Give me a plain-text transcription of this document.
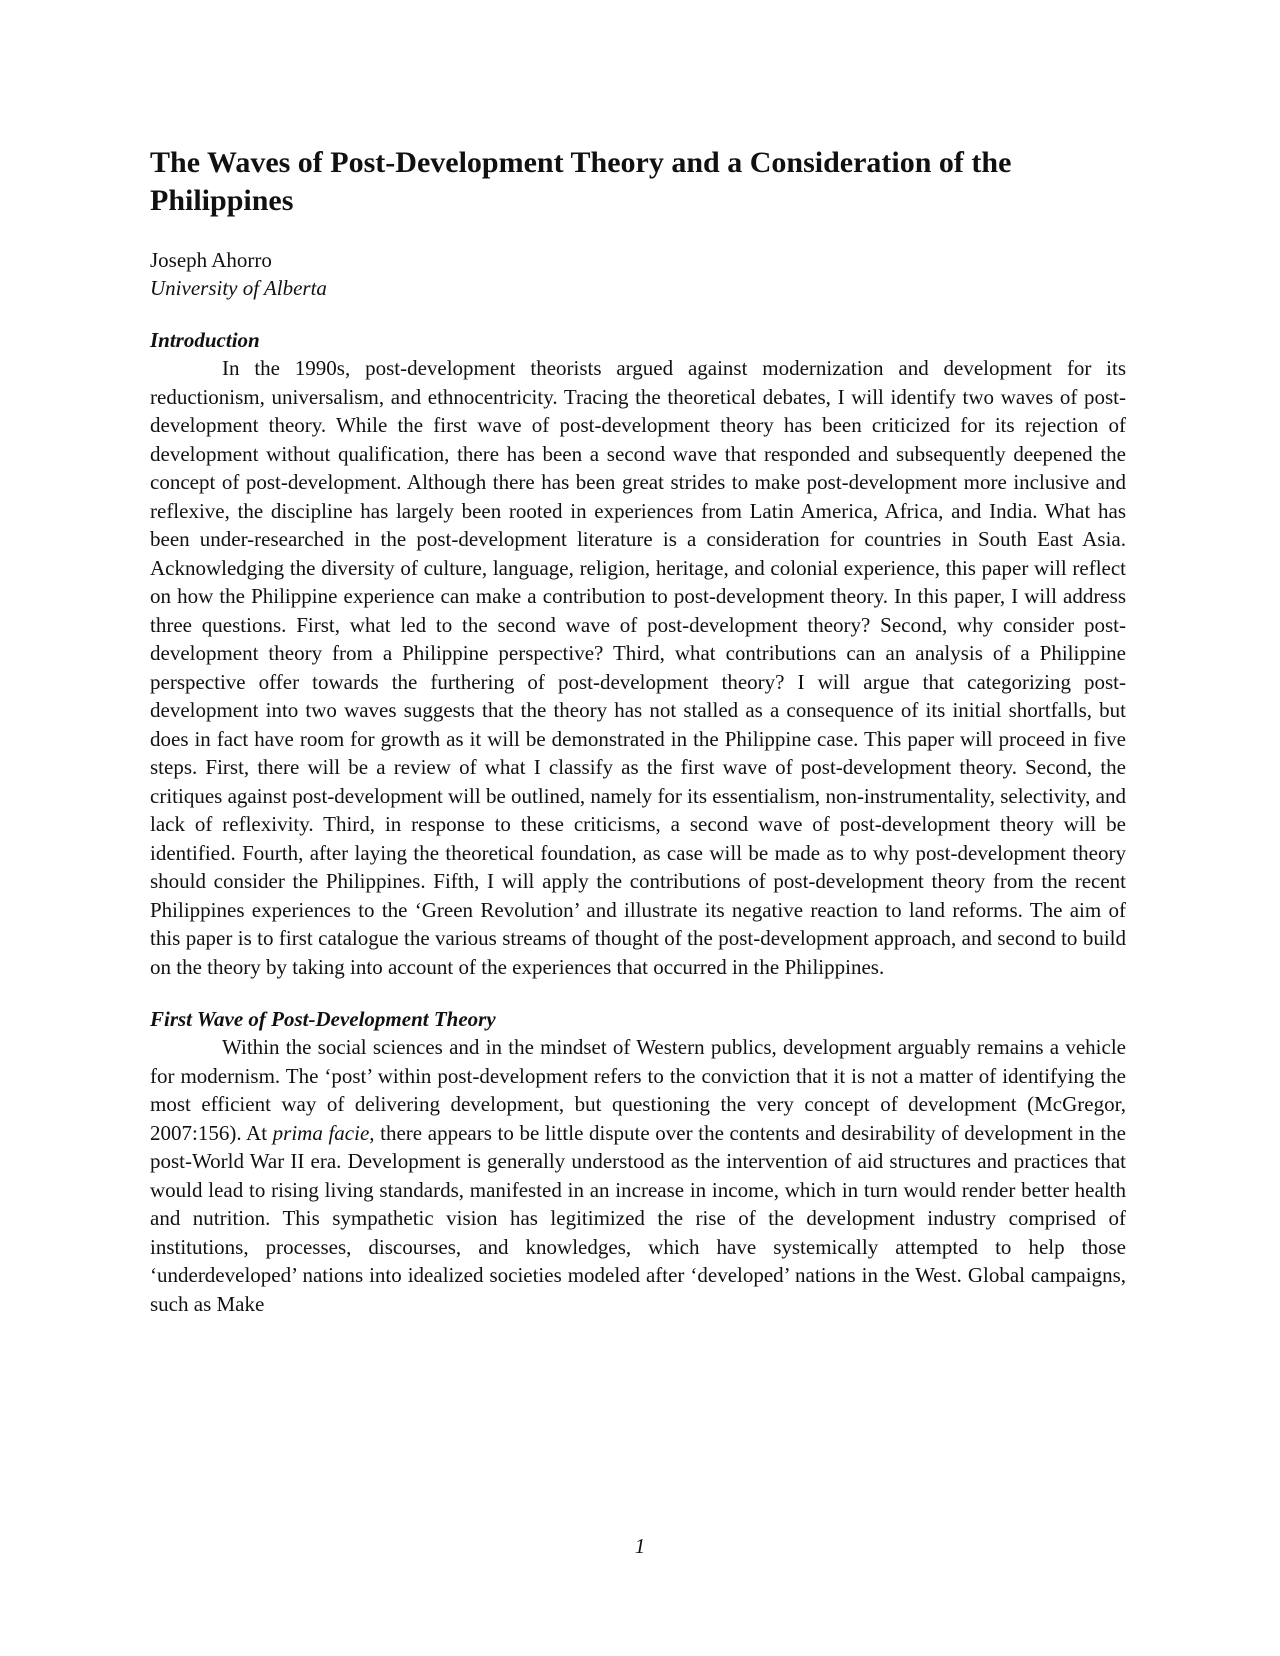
The Waves of Post-Development Theory and a Consideration of the Philippines
Joseph Ahorro
University of Alberta
Introduction

In the 1990s, post-development theorists argued against modernization and development for its reductionism, universalism, and ethnocentricity. Tracing the theoretical debates, I will identify two waves of post-development theory. While the first wave of post-development theory has been criticized for its rejection of development without qualification, there has been a second wave that responded and subsequently deepened the concept of post-development. Although there has been great strides to make post-development more inclusive and reflexive, the discipline has largely been rooted in experiences from Latin America, Africa, and India. What has been under-researched in the post-development literature is a consideration for countries in South East Asia. Acknowledging the diversity of culture, language, religion, heritage, and colonial experience, this paper will reflect on how the Philippine experience can make a contribution to post-development theory. In this paper, I will address three questions. First, what led to the second wave of post-development theory? Second, why consider post-development theory from a Philippine perspective? Third, what contributions can an analysis of a Philippine perspective offer towards the furthering of post-development theory? I will argue that categorizing post-development into two waves suggests that the theory has not stalled as a consequence of its initial shortfalls, but does in fact have room for growth as it will be demonstrated in the Philippine case. This paper will proceed in five steps. First, there will be a review of what I classify as the first wave of post-development theory. Second, the critiques against post-development will be outlined, namely for its essentialism, non-instrumentality, selectivity, and lack of reflexivity. Third, in response to these criticisms, a second wave of post-development theory will be identified. Fourth, after laying the theoretical foundation, as case will be made as to why post-development theory should consider the Philippines. Fifth, I will apply the contributions of post-development theory from the recent Philippines experiences to the ‘Green Revolution’ and illustrate its negative reaction to land reforms. The aim of this paper is to first catalogue the various streams of thought of the post-development approach, and second to build on the theory by taking into account of the experiences that occurred in the Philippines.

First Wave of Post-Development Theory

Within the social sciences and in the mindset of Western publics, development arguably remains a vehicle for modernism. The ‘post’ within post-development refers to the conviction that it is not a matter of identifying the most efficient way of delivering development, but questioning the very concept of development (McGregor, 2007:156). At prima facie, there appears to be little dispute over the contents and desirability of development in the post-World War II era. Development is generally understood as the intervention of aid structures and practices that would lead to rising living standards, manifested in an increase in income, which in turn would render better health and nutrition. This sympathetic vision has legitimized the rise of the development industry comprised of institutions, processes, discourses, and knowledges, which have systemically attempted to help those ‘underdeveloped’ nations into idealized societies modeled after ‘developed’ nations in the West. Global campaigns, such as Make

1
